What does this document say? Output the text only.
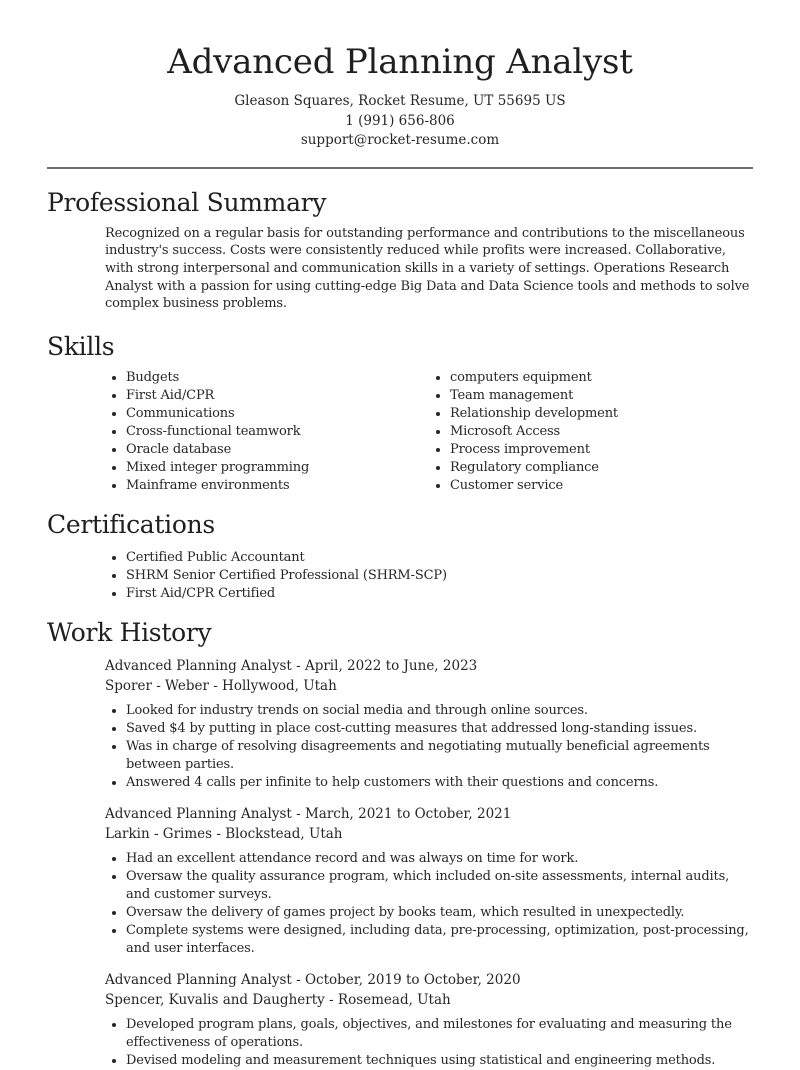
Advanced Planning Analyst
Gleason Squares, Rocket Resume, UT 55695 US
1 (991) 656-806
support@rocket-resume.com
Professional Summary

Recognized on a regular basis for outstanding performance and contributions to the miscellaneous industry's success. Costs were consistently reduced while profits were increased. Collaborative, with strong interpersonal and communication skills in a variety of settings. Operations Research Analyst with a passion for using cutting-edge Big Data and Data Science tools and methods to solve complex business problems.

Skills
• Budgets
• First Aid/CPR
• Communications
• Cross-functional teamwork
• Oracle database
• Mixed integer programming
• Mainframe environments
• computers equipment
• Team management
• Relationship development
• Microsoft Access
• Process improvement
• Regulatory compliance
• Customer service
Certifications
• Certified Public Accountant
• SHRM Senior Certified Professional (SHRM-SCP)
• First Aid/CPR Certified
Work History
Advanced Planning Analyst - April, 2022 to June, 2023
Sporer - Weber - Hollywood, Utah
• Looked for industry trends on social media and through online sources.
• Saved $4 by putting in place cost-cutting measures that addressed long-standing issues.
• Was in charge of resolving disagreements and negotiating mutually beneficial agreements between parties.
• Answered 4 calls per infinite to help customers with their questions and concerns.
Advanced Planning Analyst - March, 2021 to October, 2021
Larkin - Grimes - Blockstead, Utah
• Had an excellent attendance record and was always on time for work.
• Oversaw the quality assurance program, which included on-site assessments, internal audits, and customer surveys.
• Oversaw the delivery of games project by books team, which resulted in unexpectedly.
• Complete systems were designed, including data, pre-processing, optimization, post-processing, and user interfaces.
Advanced Planning Analyst - October, 2019 to October, 2020
Spencer, Kuvalis and Daugherty - Rosemead, Utah
• Developed program plans, goals, objectives, and milestones for evaluating and measuring the effectiveness of operations.
• Devised modeling and measurement techniques using statistical and engineering methods.
